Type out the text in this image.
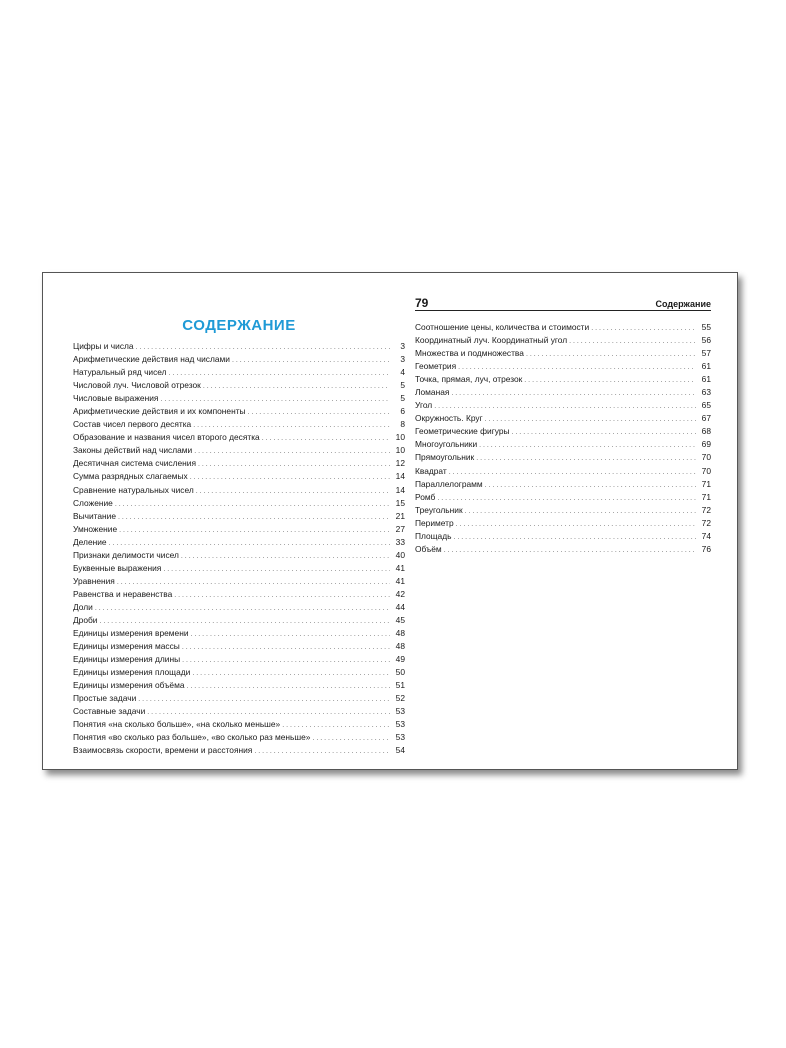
СОДЕРЖАНИЕ
Цифры и числа . . .	3
Арифметические действия над числами . . .	3
Натуральный ряд чисел . . .	4
Числовой луч. Числовой отрезок . . .	5
Числовые выражения . . .	5
Арифметические действия и их компоненты . . .	6
Состав чисел первого десятка . . .	8
Образование и названия чисел второго десятка . . .	10
Законы действий над числами . . .	10
Десятичная система счисления . . .	12
Сумма разрядных слагаемых . . .	14
Сравнение натуральных чисел . . .	14
Сложение . . .	15
Вычитание . . .	21
Умножение . . .	27
Деление . . .	33
Признаки делимости чисел . . .	40
Буквенные выражения . . .	41
Уравнения . . .	41
Равенства и неравенства . . .	42
Доли . . .	44
Дроби . . .	45
Единицы измерения времени . . .	48
Единицы измерения массы . . .	48
Единицы измерения длины . . .	49
Единицы измерения площади . . .	50
Единицы измерения объёма . . .	51
Простые задачи . . .	52
Составные задачи . . .	53
Понятия «на сколько больше», «на сколько меньше» . . .	53
Понятия «во сколько раз больше», «во сколько раз меньше» . . .	53
Взаимосвязь скорости, времени и расстояния . . .	54
79	Содержание
Соотношение цены, количества и стоимости . . .	55
Координатный луч. Координатный угол . . .	56
Множества и подмножества . . .	57
Геометрия . . .	61
Точка, прямая, луч, отрезок . . .	61
Ломаная . . .	63
Угол . . .	65
Окружность. Круг . . .	67
Геометрические фигуры . . .	68
Многоугольники . . .	69
Прямоугольник . . .	70
Квадрат . . .	70
Параллелограмм . . .	71
Ромб . . .	71
Треугольник . . .	72
Периметр . . .	72
Площадь . . .	74
Объём . . .	76
